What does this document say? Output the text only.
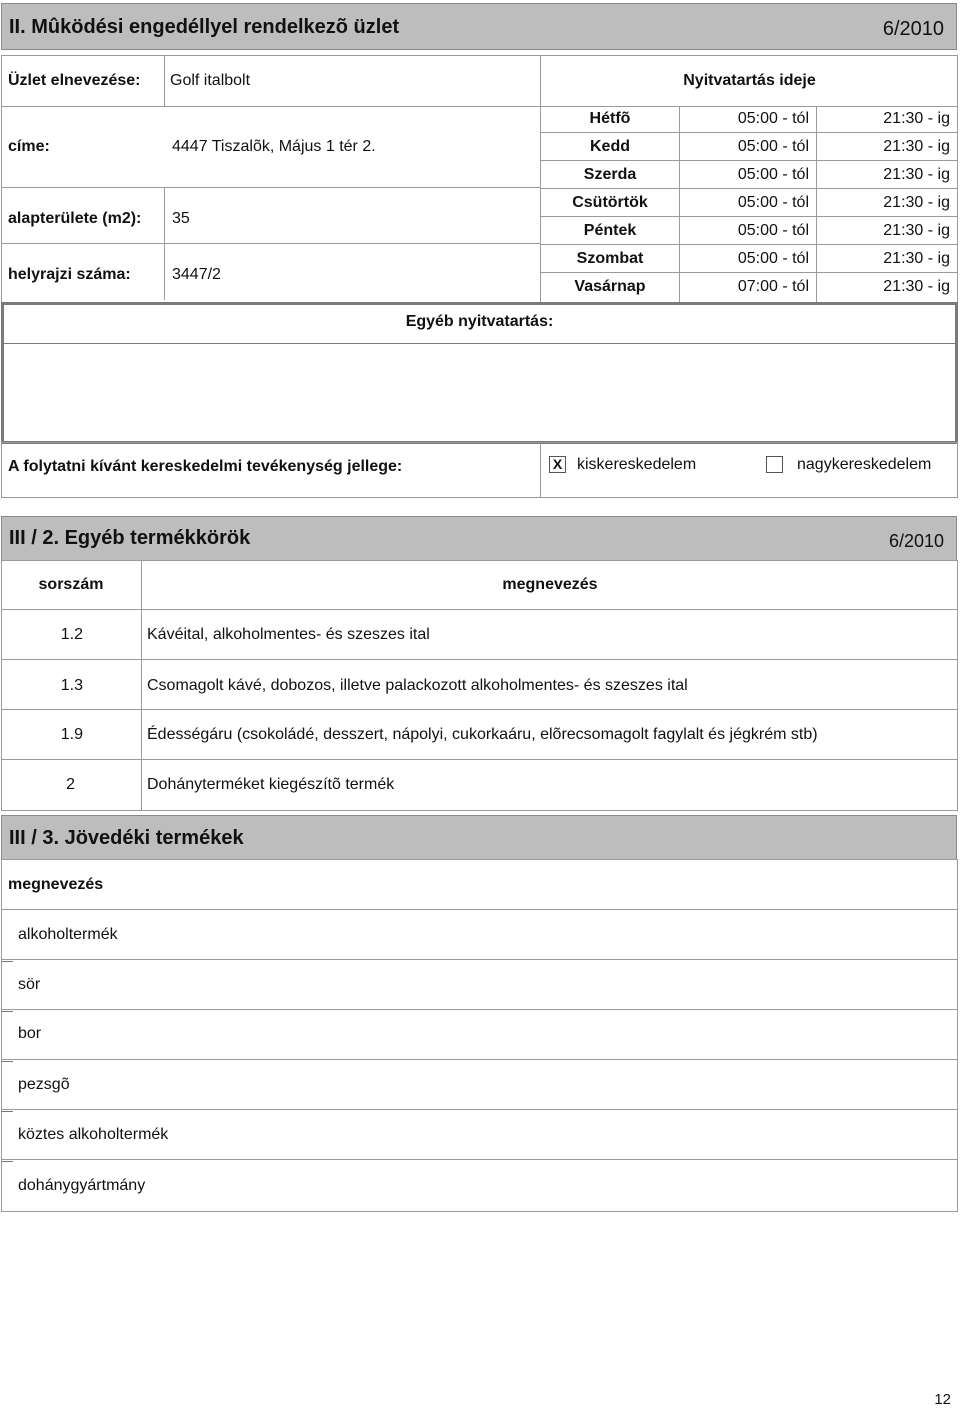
II. Mûködési engedéllyel rendelkezõ üzlet	6/2010
Üzlet elnevezése: Golf italbolt
címe:	4447 Tiszalõk, Május 1 tér 2.
alapterülete (m2): 35
helyrajzi száma:	3447/2
Nyitvatartás ideje
Hétfõ	05:00 - tól	21:30 - ig
Kedd	05:00 - tól	21:30 - ig
Szerda	05:00 - tól	21:30 - ig
Csütörtök	05:00 - tól	21:30 - ig
Péntek	05:00 - tól	21:30 - ig
Szombat	05:00 - tól	21:30 - ig
Vasárnap	07:00 - tól	21:30 - ig
Egyéb nyitvatartás:
A folytatni kívánt kereskedelmi tevékenység jellege:	X kiskereskedelem	nagykereskedelem
III / 2. Egyéb termékkörök	6/2010
sorszám	megnevezés
1.2	Kávéital, alkoholmentes- és szeszes ital
1.3	Csomagolt kávé, dobozos, illetve palackozott alkoholmentes- és szeszes ital
1.9	Édességáru (csokoládé, desszert, nápolyi, cukorkaáru, elõrecsomagolt fagylalt és jégkrém stb)
2	Dohányterméket kiegészítõ termék
III / 3. Jövedéki termékek
megnevezés
alkoholtermék
sör
bor
pezsgõ
köztes alkoholtermék
dohánygyártmány
12
